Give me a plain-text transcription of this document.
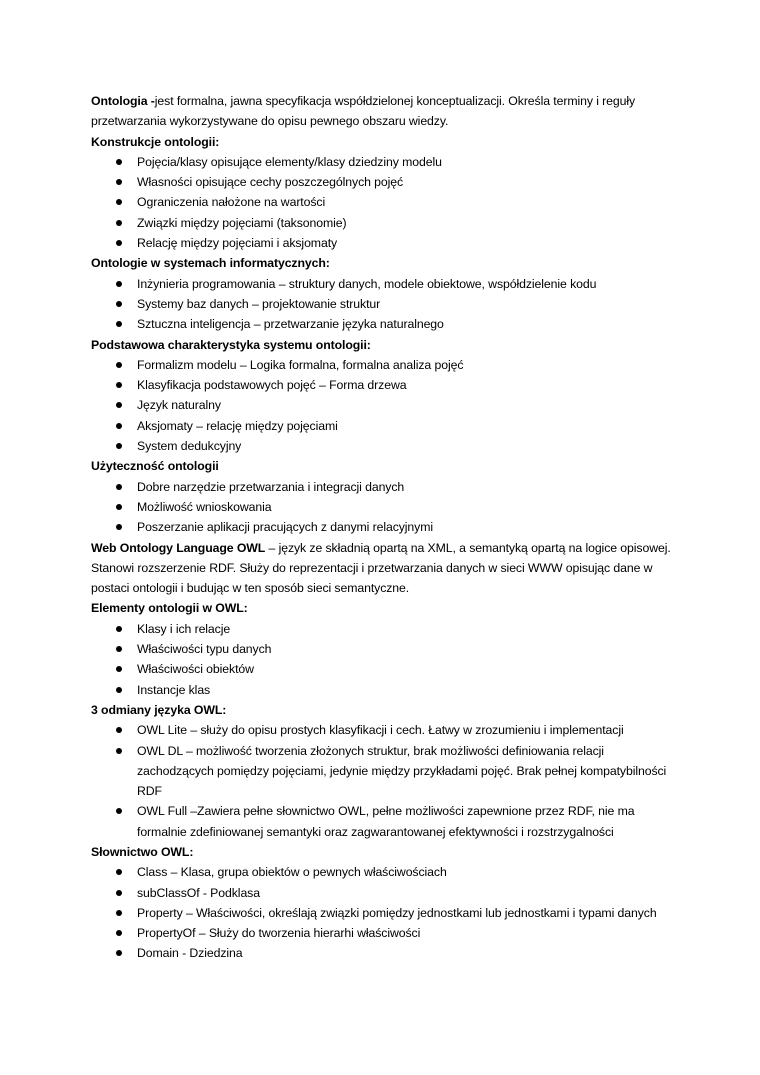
Ontologia -jest formalna, jawna specyfikacja współdzielonej konceptualizacji. Określa terminy i reguły przetwarzania wykorzystywane do opisu pewnego obszaru wiedzy.

Konstrukcje ontologii:
Pojęcia/klasy opisujące elementy/klasy dziedziny modelu
Własności opisujące cechy poszczególnych pojęć
Ograniczenia nałożone na wartości
Związki między pojęciami (taksonomie)
Relację między pojęciami i aksjomaty
Ontologie w systemach informatycznych:
Inżynieria programowania – struktury danych, modele obiektowe, współdzielenie kodu
Systemy baz danych – projektowanie struktur
Sztuczna inteligencja – przetwarzanie języka naturalnego
Podstawowa charakterystyka systemu ontologii:
Formalizm modelu – Logika formalna, formalna analiza pojęć
Klasyfikacja podstawowych pojęć – Forma drzewa
Język naturalny
Aksjomaty – relację między pojęciami
System dedukcyjny
Użyteczność ontologii
Dobre narzędzie przetwarzania i integracji danych
Możliwość wnioskowania
Poszerzanie aplikacji pracujących z danymi relacyjnymi

Web Ontology Language OWL – język ze składnią opartą na XML, a semantyką opartą na logice opisowej. Stanowi rozszerzenie RDF. Służy do reprezentacji i przetwarzania danych w sieci WWW opisując dane w postaci ontologii i budując w ten sposób sieci semantyczne.

Elementy ontologii w OWL:
Klasy i ich relacje
Właściwości typu danych
Właściwości obiektów
Instancje klas
3 odmiany języka OWL:
OWL Lite – służy do opisu prostych klasyfikacji i cech. Łatwy w zrozumieniu i implementacji
OWL DL – możliwość tworzenia złożonych struktur, brak możliwości definiowania relacji zachodzących pomiędzy pojęciami, jedynie między przykładami pojęć. Brak pełnej kompatybilności RDF
OWL Full –Zawiera pełne słownictwo OWL, pełne możliwości zapewnione przez RDF, nie ma formalnie zdefiniowanej semantyki oraz zagwarantowanej efektywności i rozstrzygalności
Słownictwo OWL:
Class – Klasa, grupa obiektów o pewnych właściwościach
subClassOf - Podklasa
Property – Właściwości, określają związki pomiędzy jednostkami lub jednostkami i typami danych
PropertyOf – Służy do tworzenia hierarhi właściwości
Domain - Dziedzina
